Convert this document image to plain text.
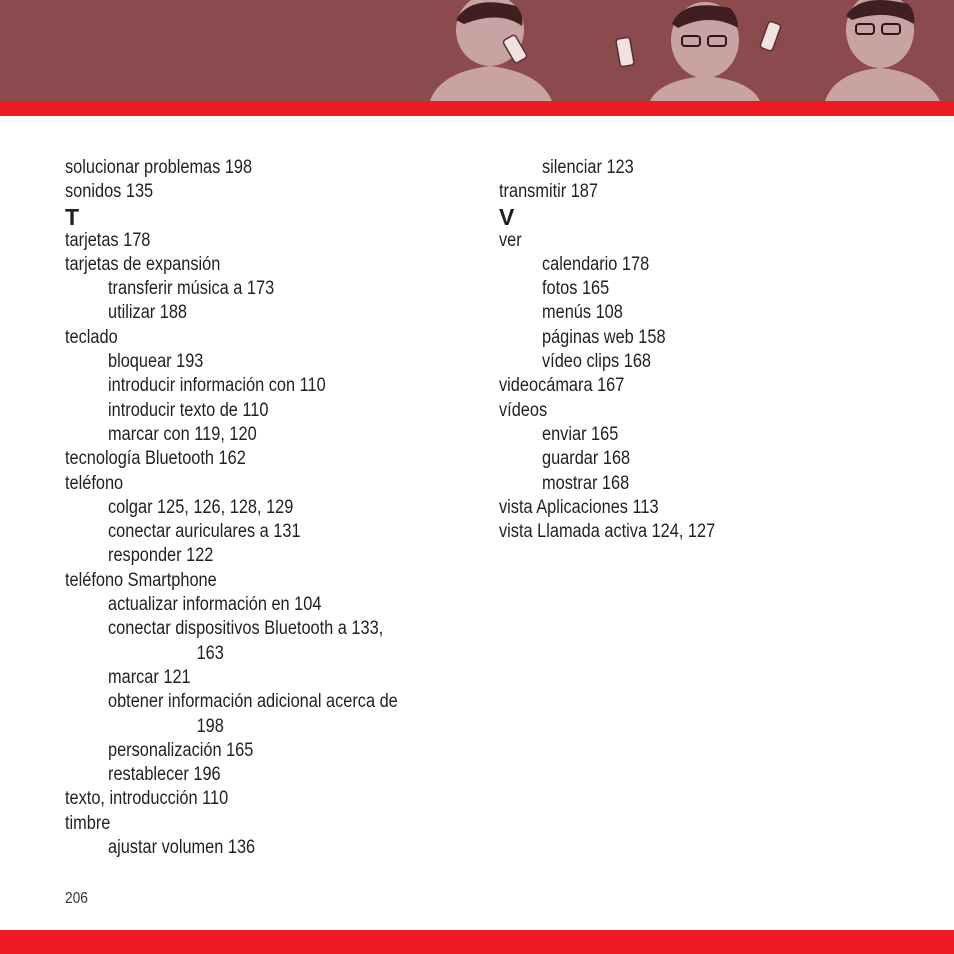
solucionar problemas 198
sonidos 135
T
tarjetas 178
tarjetas de expansión
transferir música a 173
utilizar 188
teclado
bloquear 193
introducir información con 110
introducir texto de 110
marcar con 119, 120
tecnología Bluetooth 162
teléfono
colgar 125, 126, 128, 129
conectar auriculares a 131
responder 122
teléfono Smartphone
actualizar información en 104
conectar dispositivos Bluetooth a 133,
163
marcar 121
obtener información adicional acerca de
198
personalización 165
restablecer 196
texto, introducción 110
timbre
ajustar volumen 136
silenciar 123
transmitir 187
V
ver
calendario 178
fotos 165
menús 108
páginas web 158
vídeo clips 168
videocámara 167
vídeos
enviar 165
guardar 168
mostrar 168
vista Aplicaciones 113
vista Llamada activa 124, 127
206
